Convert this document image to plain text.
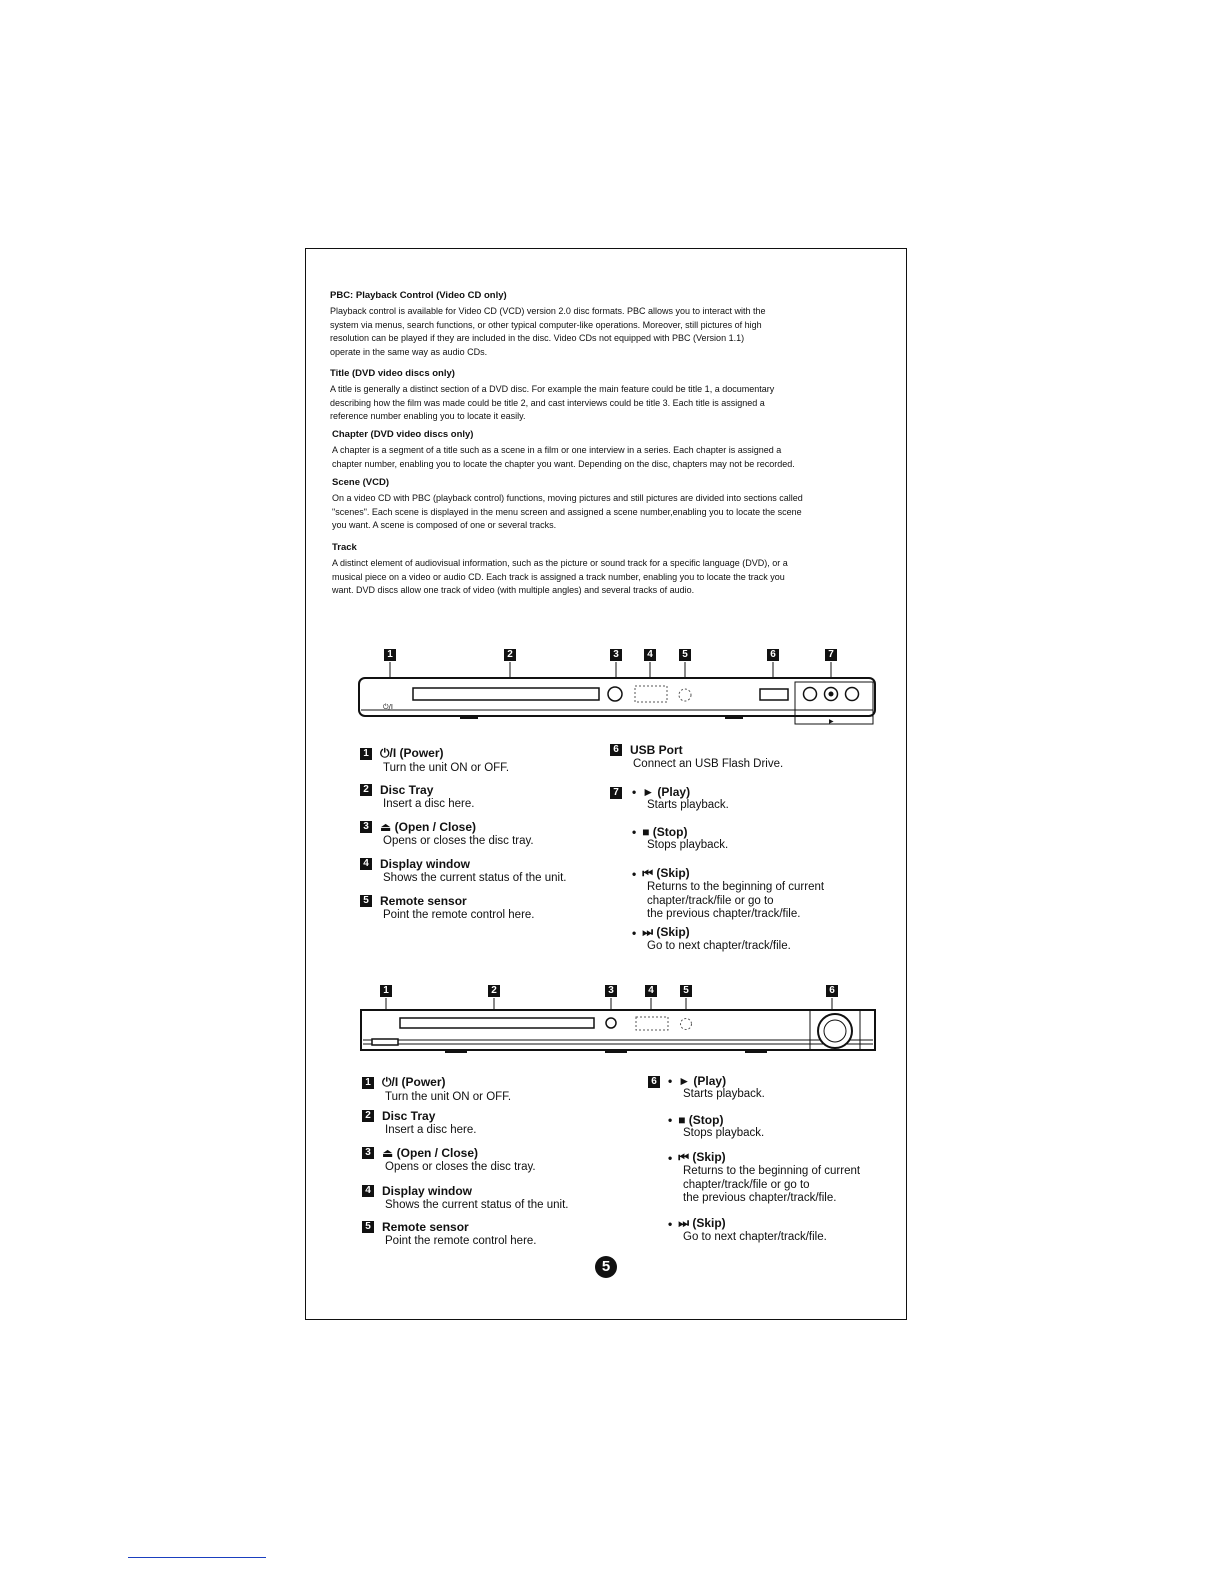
PBC: Playback Control (Video CD only)

Playback control is available for Video CD (VCD) version 2.0 disc formats. PBC allows you to interact with the

system via menus, search functions, or other typical computer-like operations. Moreover, still pictures of high

resolution can be played if they are included in the disc. Video CDs not equipped with PBC (Version 1.1)

operate in the same way as audio CDs.

Title (DVD video discs only)

A title is generally a distinct section of a DVD disc. For example the main feature could be title 1, a documentary

describing how the film was made could be title 2, and cast interviews could be title 3. Each title is assigned a

reference number enabling you to locate it easily.

Chapter (DVD video discs only)

A chapter is a segment of a title such as a scene in a film or one interview in a series. Each chapter is assigned a

chapter number, enabling you to locate the chapter you want. Depending on the disc, chapters may not be recorded.

Scene (VCD)

On a video CD with PBC (playback control) functions, moving pictures and still pictures are divided into sections called

"scenes". Each scene is displayed in the menu screen and assigned a scene number,enabling you to locate the scene

you want. A scene is composed of one or several tracks.

Track

A distinct element of audiovisual information, such as the picture or sound track for a specific language (DVD), or a

musical piece on a video or audio CD. Each track is assigned a track number, enabling you to locate the track you

want. DVD discs allow one track of video (with multiple angles) and several tracks of audio.

1	2	3	4	5	6	7
⏻/I
▶
1 ⏻/I (Power)
Turn the unit ON or OFF.
2 Disc Tray
Insert a disc here.
3 ⏏ (Open / Close)
Opens or closes the disc tray.
4 Display window
Shows the current status of the unit.
5 Remote sensor
Point the remote control here.
6 USB Port
Connect an USB Flash Drive.
7 • ► (Play)
Starts playback.
• ■ (Stop)
Stops playback.
• ⏮ (Skip)
Returns to the beginning of current
chapter/track/file or go to
the previous chapter/track/file.
• ⏭ (Skip)
Go to next chapter/track/file.
1	2	3	4	5	6
1 ⏻/I (Power)
Turn the unit ON or OFF.
2 Disc Tray
Insert a disc here.
3 ⏏ (Open / Close)
Opens or closes the disc tray.
4 Display window
Shows the current status of the unit.
5 Remote sensor
Point the remote control here.
6 • ► (Play)
Starts playback.
• ■ (Stop)
Stops playback.
• ⏮ (Skip)
Returns to the beginning of current
chapter/track/file or go to
the previous chapter/track/file.
• ⏭ (Skip)
Go to next chapter/track/file.
5
